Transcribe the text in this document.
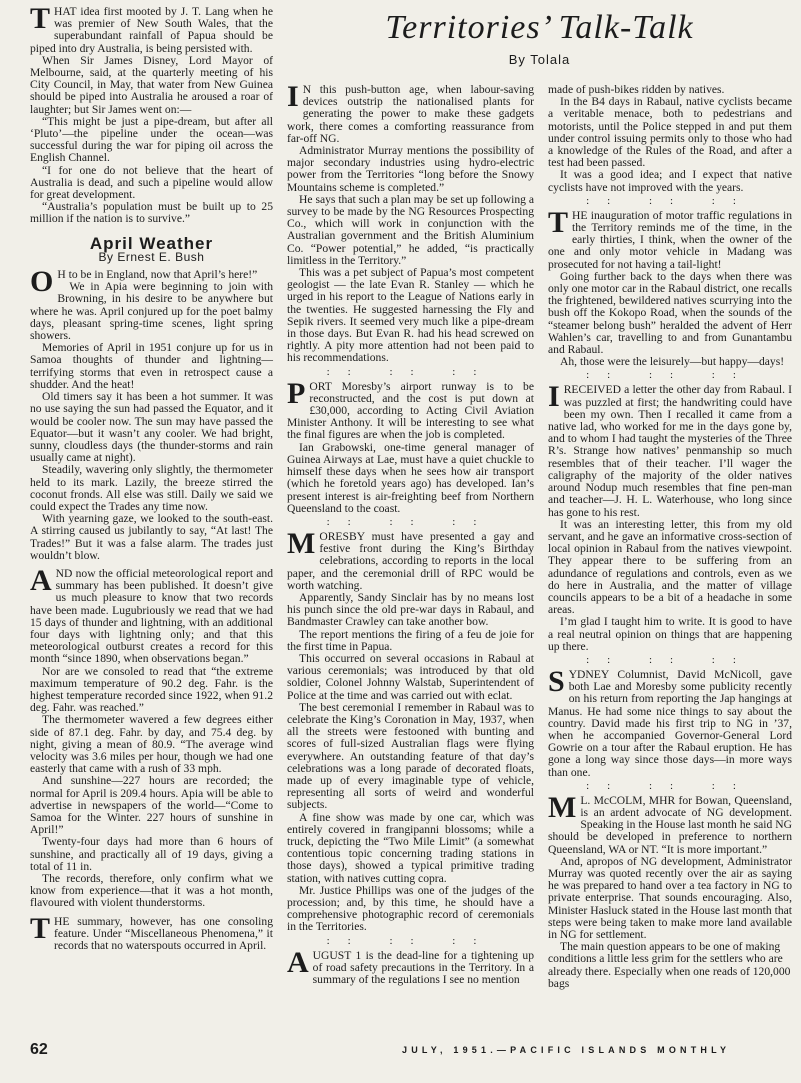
THAT idea first mooted by J. T. Lang when he was premier of New South Wales, that the superabundant rainfall of Papua should be piped into dry Australia, is being persisted with.

When Sir James Disney, Lord Mayor of Melbourne, said, at the quarterly meeting of his City Council, in May, that water from New Guinea should be piped into Australia he aroused a roar of laughter; but Sir James went on:—

“This might be just a pipe-dream, but after all ‘Pluto’—the pipeline under the ocean—was successful during the war for piping oil across the English Channel.

“I for one do not believe that the heart of Australia is dead, and such a pipeline would allow for great development.

“Australia’s population must be built up to 25 million if the nation is to survive.”

April Weather
By Ernest E. Bush

O H to be in England, now that April’s here!”

We in Apia were beginning to join with Browning, in his desire to be anywhere but where he was. April conjured up for the poet balmy days, pleasant spring-time scenes, light spring showers.

Memories of April in 1951 conjure up for us in Samoa thoughts of thunder and lightning—terrifying storms that even in retrospect cause a shudder. And the heat!

Old timers say it has been a hot summer. It was no use saying the sun had passed the Equator, and it would be cooler now. The sun may have passed the Equator—but it wasn’t any cooler. We had bright, sunny, cloudless days (the thunder-storms and rain usually came at night).

Steadily, wavering only slightly, the thermometer held to its mark. Lazily, the breeze stirred the coconut fronds. All else was still. Daily we said we could expect the Trades any time now.

With yearning gaze, we looked to the south-east. A stirring caused us jubilantly to say, “At last! The Trades!” But it was a false alarm. The trades just wouldn’t blow.

AND now the official meteorological report and summary has been published. It doesn’t give us much pleasure to know that two records have been made. Lugubriously we read that we had 15 days of thunder and lightning, with an additional four days with lightning only; and that this meteorological outburst creates a record for this month “since 1890, when observations began.”

Nor are we consoled to read that “the extreme maximum temperature of 90.2 deg. Fahr. is the highest temperature recorded since 1922, when 91.2 deg. Fahr. was reached.”

The thermometer wavered a few degrees either side of 87.1 deg. Fahr. by day, and 75.4 deg. by night, giving a mean of 80.9. “The average wind velocity was 3.6 miles per hour, though we had one easterly that came with a rush of 33 mph.

And sunshine—227 hours are recorded; the normal for April is 209.4 hours. Apia will be able to advertise in newspapers of the world—“Come to Samoa for the Winter. 227 hours of sunshine in April!”

Twenty-four days had more than 6 hours of sunshine, and practically all of 19 days, giving a total of 11 in.

The records, therefore, only confirm what we know from experience—that it was a hot month, flavoured with violent thunderstorms.

THE summary, however, has one consoling feature. Under “Miscellaneous Phenomena,” it records that no waterspouts occurred in April.

Territories’ Talk-Talk
By Tolala

I N this push-button age, when labour-saving devices outstrip the nationalised plants for generating the power to make these gadgets work, there comes a comforting reassurance from far-off NG.

Administrator Murray mentions the possibility of major secondary industries using hydro-electric power from the Territories “long before the Snowy Mountains scheme is completed.”

He says that such a plan may be set up following a survey to be made by the NG Resources Prospecting Co., which will work in conjunction with the Australian government and the British Aluminium Co. “Power potential,” he added, “is practically limitless in the Territory.”

This was a pet subject of Papua’s most competent geologist — the late Evan R. Stanley — which he urged in his report to the League of Nations early in the twenties. He suggested harnessing the Fly and Sepik rivers. It seemed very much like a pipe-dream in those days. But Evan R. had his head screwed on rightly. A pity more attention had not been paid to his recommendations.

:: :: ::

PORT Moresby’s airport runway is to be reconstructed, and the cost is put down at £30,000, according to Acting Civil Aviation Minister Anthony. It will be interesting to see what the final figures are when the job is completed.

Ian Grabowski, one-time general manager of Guinea Airways at Lae, must have a quiet chuckle to himself these days when he sees how air transport (which he foretold years ago) has developed. Ian’s present interest is air-freighting beef from Northern Queensland to the coast.

:: :: ::

MORESBY must have presented a gay and festive front during the King’s Birthday celebrations, according to reports in the local paper, and the ceremonial drill of RPC would be worth watching.

Apparently, Sandy Sinclair has by no means lost his punch since the old pre-war days in Rabaul, and Bandmaster Crawley can take another bow.

The report mentions the firing of a feu de joie for the first time in Papua.

This occurred on several occasions in Rabaul at various ceremonials; was introduced by that old soldier, Colonel Johnny Walstab, Superintendent of Police at the time and was carried out with eclat.

The best ceremonial I remember in Rabaul was to celebrate the King’s Coronation in May, 1937, when all the streets were festooned with bunting and scores of full-sized Australian flags were flying everywhere. An outstanding feature of that day’s celebrations was a long parade of decorated floats, made up of every imaginable type of vehicle, representing all sorts of weird and wonderful subjects.

A fine show was made by one car, which was entirely covered in frangipanni blossoms; while a truck, depicting the “Two Mile Limit” (a somewhat contentious topic concerning trading stations in those days), showed a typical primitive trading station, with natives cutting copra.

Mr. Justice Phillips was one of the judges of the procession; and, by this time, he should have a comprehensive photographic record of ceremonials in the Territories.

:: :: ::

AUGUST 1 is the dead-line for a tightening up of road safety precautions in the Territory. In a summary of the regulations I see no mention

made of push-bikes ridden by natives.

In the B4 days in Rabaul, native cyclists became a veritable menace, both to pedestrians and motorists, until the Police stepped in and put them under control issuing permits only to those who had a knowledge of the Rules of the Road, and after a test had been passed.

It was a good idea; and I expect that native cyclists have not improved with the years.

:: :: ::

THE inauguration of motor traffic regulations in the Territory reminds me of the time, in the early thirties, I think, when the owner of the one and only motor vehicle in Madang was prosecuted for not having a tail-light!

Going further back to the days when there was only one motor car in the Rabaul district, one recalls the frightened, bewildered natives scurrying into the bush off the Kokopo Road, when the sounds of the “steamer belong bush” heralded the advent of Herr Wahlen’s car, travelling to and from Gunantambu and Rabaul.

Ah, those were the leisurely—but happy—days!

:: :: ::

IRECEIVED a letter the other day from Rabaul. I was puzzled at first; the handwriting could have been my own. Then I recalled it came from a native lad, who worked for me in the days gone by, and to whom I had taught the mysteries of the Three R’s. Strange how natives’ penmanship so much resembles that of their teacher. I’ll wager the caligraphy of the majority of the older natives around Nodup much resembles that fine pen-man and teacher—J. H. L. Waterhouse, who long since has gone to his rest.

It was an interesting letter, this from my old servant, and he gave an informative cross-section of local opinion in Rabaul from the natives viewpoint. They appear there to be suffering from an adundance of regulations and controls, even as we do here in Australia, and the matter of village councils appears to be a bit of a headache in some areas.

I’m glad I taught him to write. It is good to have a real neutral opinion on things that are happening up there.

:: :: ::

SYDNEY Columnist, David McNicoll, gave both Lae and Moresby some publicity recently on his return from reporting the Jap hangings at Manus. He had some nice things to say about the country. David made his first trip to NG in ’37, when he accompanied Governor-General Lord Gowrie on a tour after the Rabaul eruption. He has gone a long way since those days—in more ways than one.

:: :: ::

M L. McCOLM, MHR for Bowan, Queensland, is an ardent advocate of NG development. Speaking in the House last month he said NG should be developed in preference to northern Queensland, WA or NT. “It is more important.”

And, apropos of NG development, Administrator Murray was quoted recently over the air as saying he was prepared to hand over a tea factory in NG to private enterprise. That sounds encouraging. Also, Minister Hasluck stated in the House last month that steps were being taken to make more land available in NG for settlement.

The main question appears to be one of making conditions a little less grim for the settlers who are already there. Especially when one reads of 120,000 bags

62	JULY, 1951.—PACIFIC ISLANDS MONTHLY
